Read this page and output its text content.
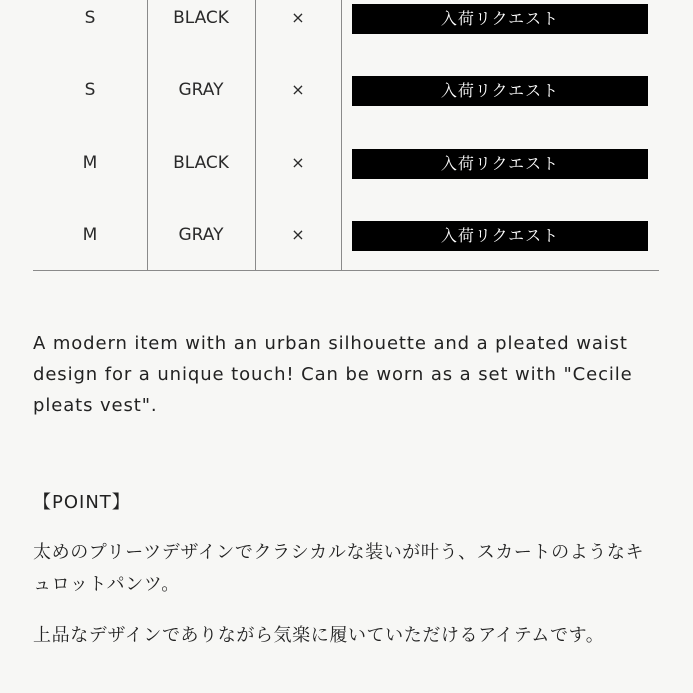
S	BLACK	×	入荷リクエスト
S	GRAY	×	入荷リクエスト
M	BLACK	×	入荷リクエスト
M	GRAY	×	入荷リクエスト

A modern item with an urban silhouette and a pleated waist design for a unique touch! Can be worn as a set with "Cecile pleats vest".

【POINT】

太めのプリーツデザインでクラシカルな装いが叶う、スカートのようなキュロットパンツ。

上品なデザインでありながら気楽に履いていただけるアイテムです。
